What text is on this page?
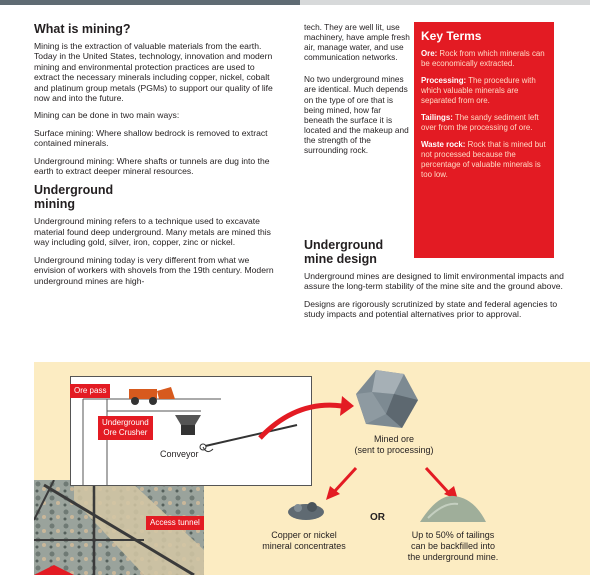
What is mining?

Mining is the extraction of valuable materials from the earth. Today in the United States, technology, innovation and modern mining and environmental protection practices are used to extract the necessary minerals including copper, nickel, cobalt and platinum group metals (PGMs) to support our quality of life now and into the future.

Mining can be done in two main ways:

Surface mining: Where shallow bedrock is removed to extract contained minerals.

Underground mining: Where shafts or tunnels are dug into the earth to extract deeper mineral resources.

Underground
mining

Underground mining refers to a technique used to excavate material found deep underground. Many metals are mined this way including gold, silver, iron, copper, zinc or nickel.

Underground mining today is very different from what we envision of workers with shovels from the 19th century. Modern underground mines are high-

tech. They are well lit, use machinery, have ample fresh air, manage water, and use communication networks.

No two underground mines are identical. Much depends on the type of ore that is being mined, how far beneath the surface it is located and the makeup and the strength of the surrounding rock.

Key Terms
Ore: Rock from which minerals can be economically extracted.
Processing: The procedure with which valuable minerals are separated from ore.
Tailings: The sandy sediment left over from the processing of ore.
Waste rock: Rock that is mined but not processed because the percentage of valuable minerals is too low.
Underground
mine design

Underground mines are designed to limit environmental impacts and assure the long-term stability of the mine site and the ground above.

Designs are rigorously scrutinized by state and federal agencies to study impacts and potential alternatives prior to approval.

Ore pass
Underground
Ore Crusher
Conveyor
Access tunnel
Mined ore
(sent to processing)
OR
Copper or nickel
mineral concentrates
Up to 50% of tailings
can be backfilled into
the underground mine.
